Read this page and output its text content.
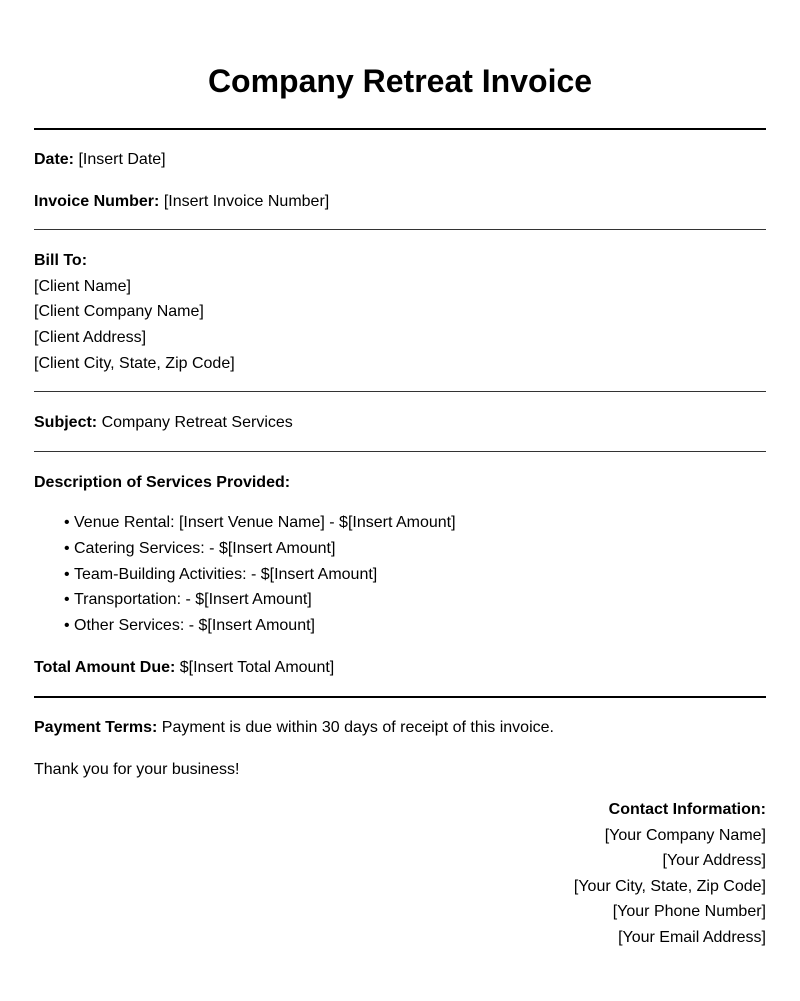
Company Retreat Invoice
Date: [Insert Date]
Invoice Number: [Insert Invoice Number]
Bill To:
[Client Name]
[Client Company Name]
[Client Address]
[Client City, State, Zip Code]
Subject: Company Retreat Services
Description of Services Provided:
• Venue Rental: [Insert Venue Name] - $[Insert Amount]
• Catering Services: - $[Insert Amount]
• Team-Building Activities: - $[Insert Amount]
• Transportation: - $[Insert Amount]
• Other Services: - $[Insert Amount]
Total Amount Due: $[Insert Total Amount]
Payment Terms: Payment is due within 30 days of receipt of this invoice.
Thank you for your business!
Contact Information:
[Your Company Name]
[Your Address]
[Your City, State, Zip Code]
[Your Phone Number]
[Your Email Address]
